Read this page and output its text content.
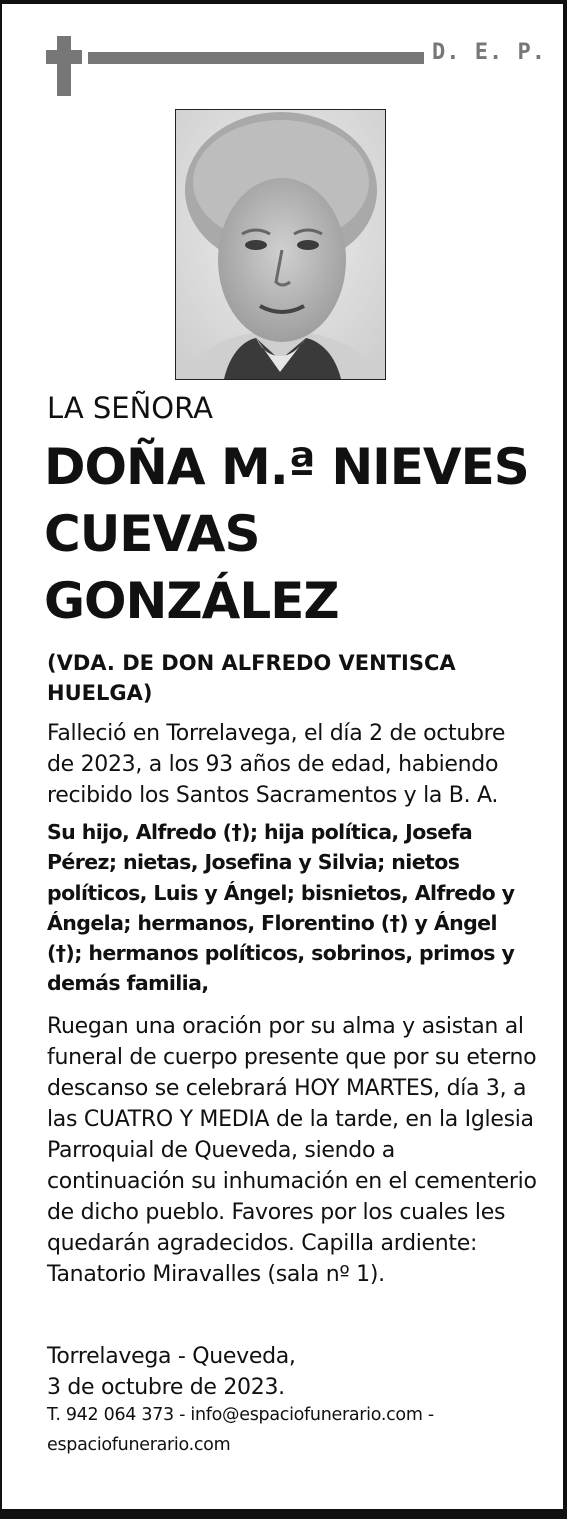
D. E. P.
LA SEÑORA
DOÑA M.ª NIEVES
CUEVAS
GONZÁLEZ
(VDA. DE DON ALFREDO VENTISCA HUELGA)

Falleció en Torrelavega, el día 2 de octubre de 2023, a los 93 años de edad, habiendo recibido los Santos Sacramentos y la B. A.

Su hijo, Alfredo (†); hija política, Josefa Pérez; nietas, Josefina y Silvia; nietos políticos, Luis y Ángel; bisnietos, Alfredo y Ángela; hermanos, Florentino (†) y Ángel (†); hermanos políticos, sobrinos, primos y demás familia,

Ruegan una oración por su alma y asistan al funeral de cuerpo presente que por su eterno descanso se celebrará HOY MARTES, día 3, a las CUATRO Y MEDIA de la tarde, en la Iglesia Parroquial de Queveda, siendo a continuación su inhumación en el cementerio de dicho pueblo. Favores por los cuales les quedarán agradecidos. Capilla ardiente: Tanatorio Miravalles (sala nº 1).

Torrelavega - Queveda,
3 de octubre de 2023.
T. 942 064 373 - info@espaciofunerario.com -
espaciofunerario.com
